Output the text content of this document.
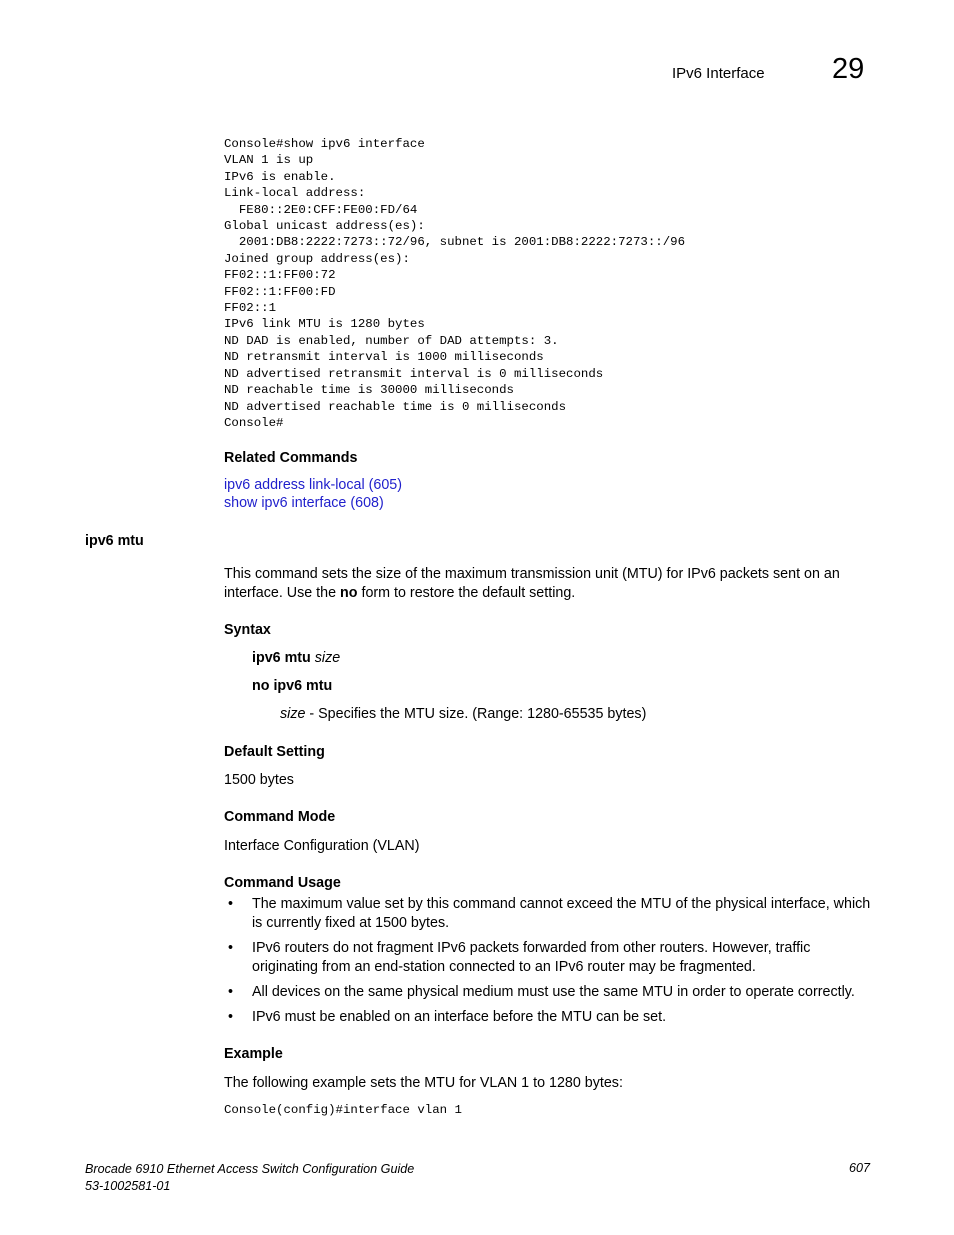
IPv6 Interface 29
Console#show ipv6 interface
VLAN 1 is up
IPv6 is enable.
Link-local address:
FE80::2E0:CFF:FE00:FD/64
Global unicast address(es):
2001:DB8:2222:7273::72/96, subnet is 2001:DB8:2222:7273::/96
Joined group address(es):
FF02::1:FF00:72
FF02::1:FF00:FD
FF02::1
IPv6 link MTU is 1280 bytes
ND DAD is enabled, number of DAD attempts: 3.
ND retransmit interval is 1000 milliseconds
ND advertised retransmit interval is 0 milliseconds
ND reachable time is 30000 milliseconds
ND advertised reachable time is 0 milliseconds
Console#
Related Commands
ipv6 address link-local (605)
show ipv6 interface (608)
ipv6 mtu
This command sets the size of the maximum transmission unit (MTU) for IPv6 packets sent on an
interface. Use the no form to restore the default setting.
Syntax
ipv6 mtu size
no ipv6 mtu
size - Specifies the MTU size. (Range: 1280-65535 bytes)
Default Setting
1500 bytes
Command Mode
Interface Configuration (VLAN)
Command Usage
• The maximum value set by this command cannot exceed the MTU of the physical interface, which is currently fixed at 1500 bytes.
• IPv6 routers do not fragment IPv6 packets forwarded from other routers. However, traffic originating from an end-station connected to an IPv6 router may be fragmented.
• All devices on the same physical medium must use the same MTU in order to operate correctly.
• IPv6 must be enabled on an interface before the MTU can be set.
Example
The following example sets the MTU for VLAN 1 to 1280 bytes:
Console(config)#interface vlan 1
Brocade 6910 Ethernet Access Switch Configuration Guide
53-1002581-01
607
